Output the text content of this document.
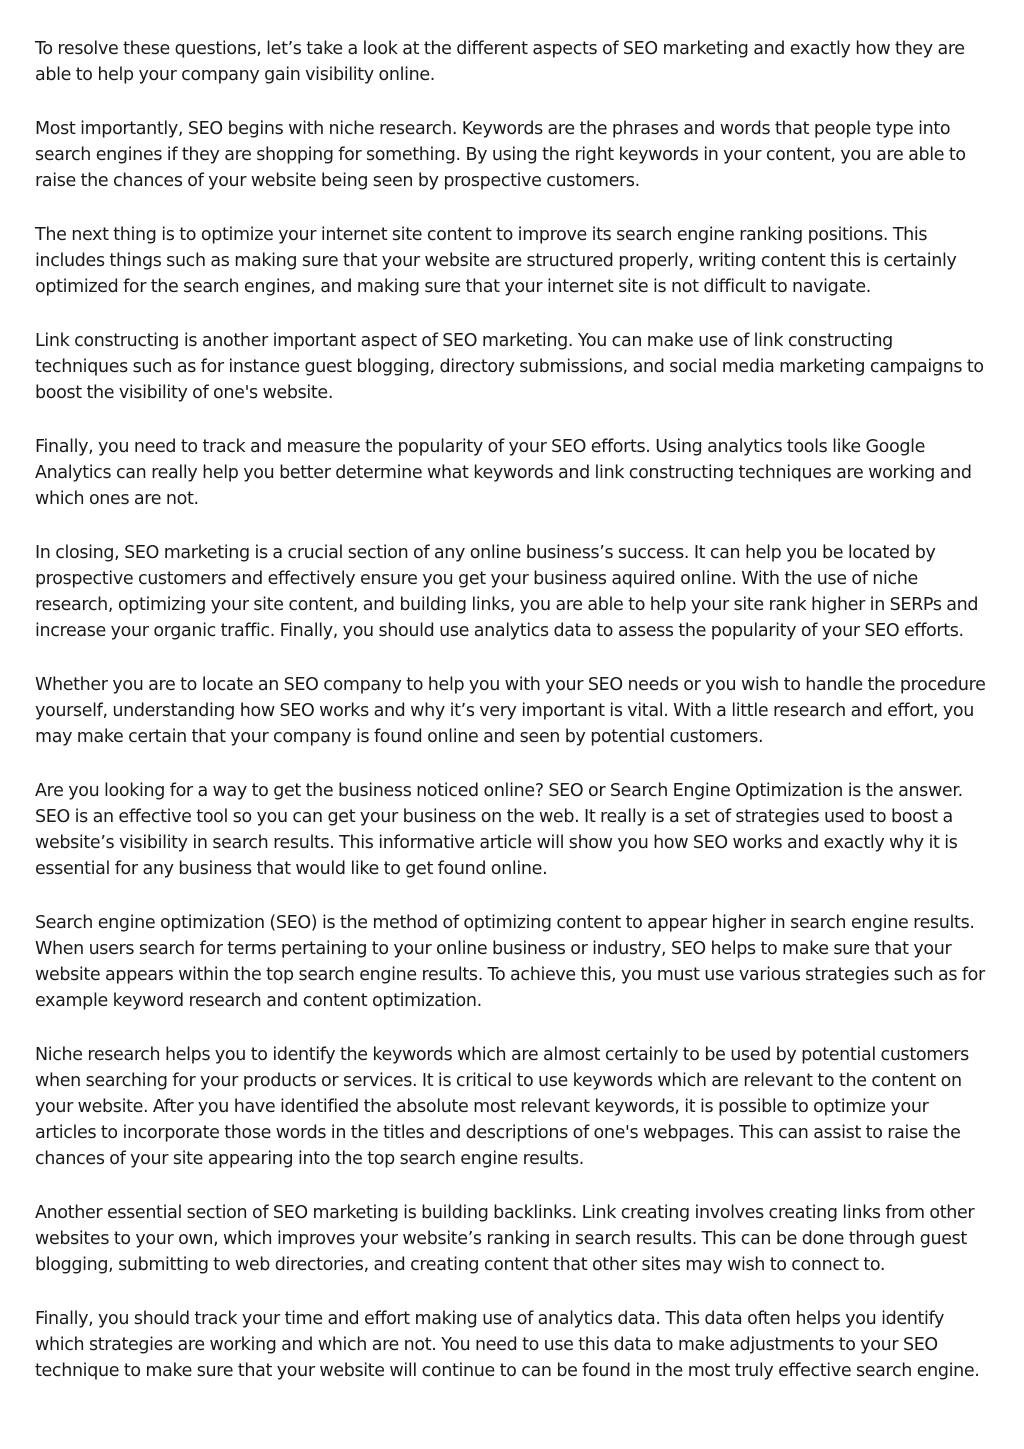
To resolve these questions, let’s take a look at the different aspects of SEO marketing and exactly how they are able to help your company gain visibility online.

Most importantly, SEO begins with niche research. Keywords are the phrases and words that people type into search engines if they are shopping for something. By using the right keywords in your content, you are able to raise the chances of your website being seen by prospective customers.

The next thing is to optimize your internet site content to improve its search engine ranking positions. This includes things such as making sure that your website are structured properly, writing content this is certainly optimized for the search engines, and making sure that your internet site is not difficult to navigate.

Link constructing is another important aspect of SEO marketing. You can make use of link constructing techniques such as for instance guest blogging, directory submissions, and social media marketing campaigns to boost the visibility of one's website.

Finally, you need to track and measure the popularity of your SEO efforts. Using analytics tools like Google Analytics can really help you better determine what keywords and link constructing techniques are working and which ones are not.

In closing, SEO marketing is a crucial section of any online business’s success. It can help you be located by prospective customers and effectively ensure you get your business aquired online. With the use of niche research, optimizing your site content, and building links, you are able to help your site rank higher in SERPs and increase your organic traffic. Finally, you should use analytics data to assess the popularity of your SEO efforts.

Whether you are to locate an SEO company to help you with your SEO needs or you wish to handle the procedure yourself, understanding how SEO works and why it’s very important is vital. With a little research and effort, you may make certain that your company is found online and seen by potential customers.

Are you looking for a way to get the business noticed online? SEO or Search Engine Optimization is the answer. SEO is an effective tool so you can get your business on the web. It really is a set of strategies used to boost a website’s visibility in search results. This informative article will show you how SEO works and exactly why it is essential for any business that would like to get found online.

Search engine optimization (SEO) is the method of optimizing content to appear higher in search engine results. When users search for terms pertaining to your online business or industry, SEO helps to make sure that your website appears within the top search engine results. To achieve this, you must use various strategies such as for example keyword research and content optimization.

Niche research helps you to identify the keywords which are almost certainly to be used by potential customers when searching for your products or services. It is critical to use keywords which are relevant to the content on your website. After you have identified the absolute most relevant keywords, it is possible to optimize your articles to incorporate those words in the titles and descriptions of one's webpages. This can assist to raise the chances of your site appearing into the top search engine results.

Another essential section of SEO marketing is building backlinks. Link creating involves creating links from other websites to your own, which improves your website’s ranking in search results. This can be done through guest blogging, submitting to web directories, and creating content that other sites may wish to connect to.

Finally, you should track your time and effort making use of analytics data. This data often helps you identify which strategies are working and which are not. You need to use this data to make adjustments to your SEO technique to make sure that your website will continue to can be found in the most truly effective search engine.
